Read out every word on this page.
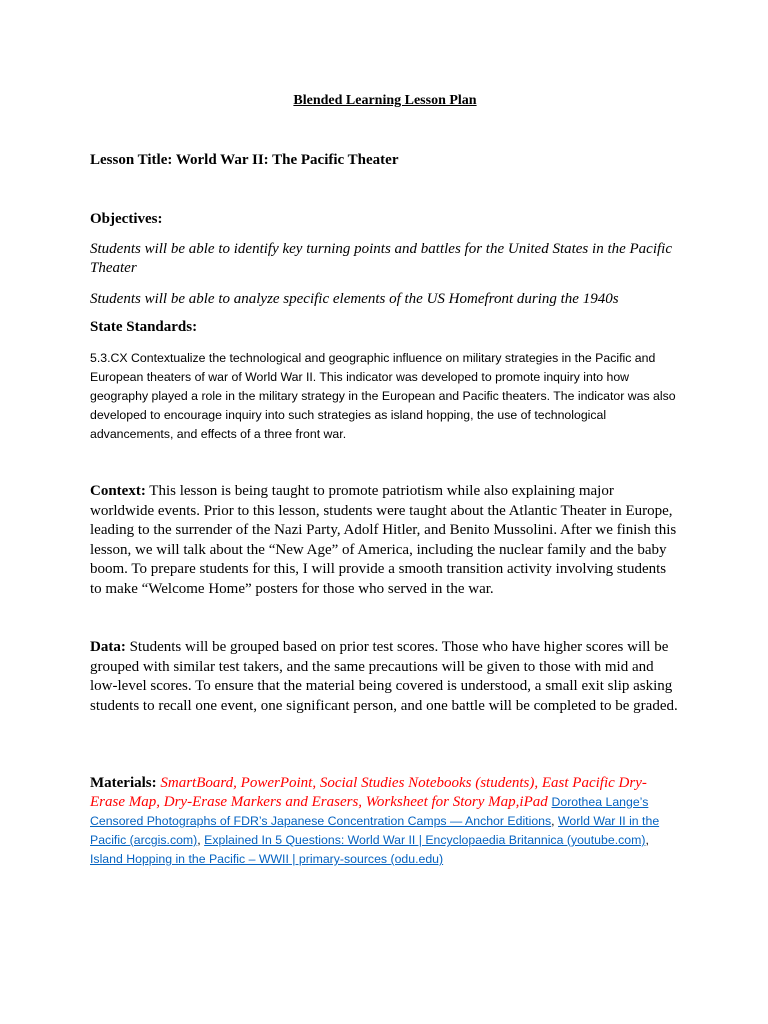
Blended Learning Lesson Plan
Lesson Title: World War II: The Pacific Theater
Objectives:
Students will be able to identify key turning points and battles for the United States in the Pacific Theater
Students will be able to analyze specific elements of the US Homefront during the 1940s
State Standards:
5.3.CX Contextualize the technological and geographic influence on military strategies in the Pacific and European theaters of war of World War II. This indicator was developed to promote inquiry into how geography played a role in the military strategy in the European and Pacific theaters. The indicator was also developed to encourage inquiry into such strategies as island hopping, the use of technological advancements, and effects of a three front war.
Context: This lesson is being taught to promote patriotism while also explaining major worldwide events. Prior to this lesson, students were taught about the Atlantic Theater in Europe, leading to the surrender of the Nazi Party, Adolf Hitler, and Benito Mussolini. After we finish this lesson, we will talk about the “New Age” of America, including the nuclear family and the baby boom. To prepare students for this, I will provide a smooth transition activity involving students to make “Welcome Home” posters for those who served in the war.
Data: Students will be grouped based on prior test scores. Those who have higher scores will be grouped with similar test takers, and the same precautions will be given to those with mid and low-level scores. To ensure that the material being covered is understood, a small exit slip asking students to recall one event, one significant person, and one battle will be completed to be graded.
Materials: SmartBoard, PowerPoint, Social Studies Notebooks (students), East Pacific Dry-Erase Map, Dry-Erase Markers and Erasers, Worksheet for Story Map,iPad Dorothea Lange’s Censored Photographs of FDR’s Japanese Concentration Camps — Anchor Editions, World War II in the Pacific (arcgis.com), Explained In 5 Questions: World War II | Encyclopaedia Britannica (youtube.com), Island Hopping in the Pacific – WWII | primary-sources (odu.edu)
